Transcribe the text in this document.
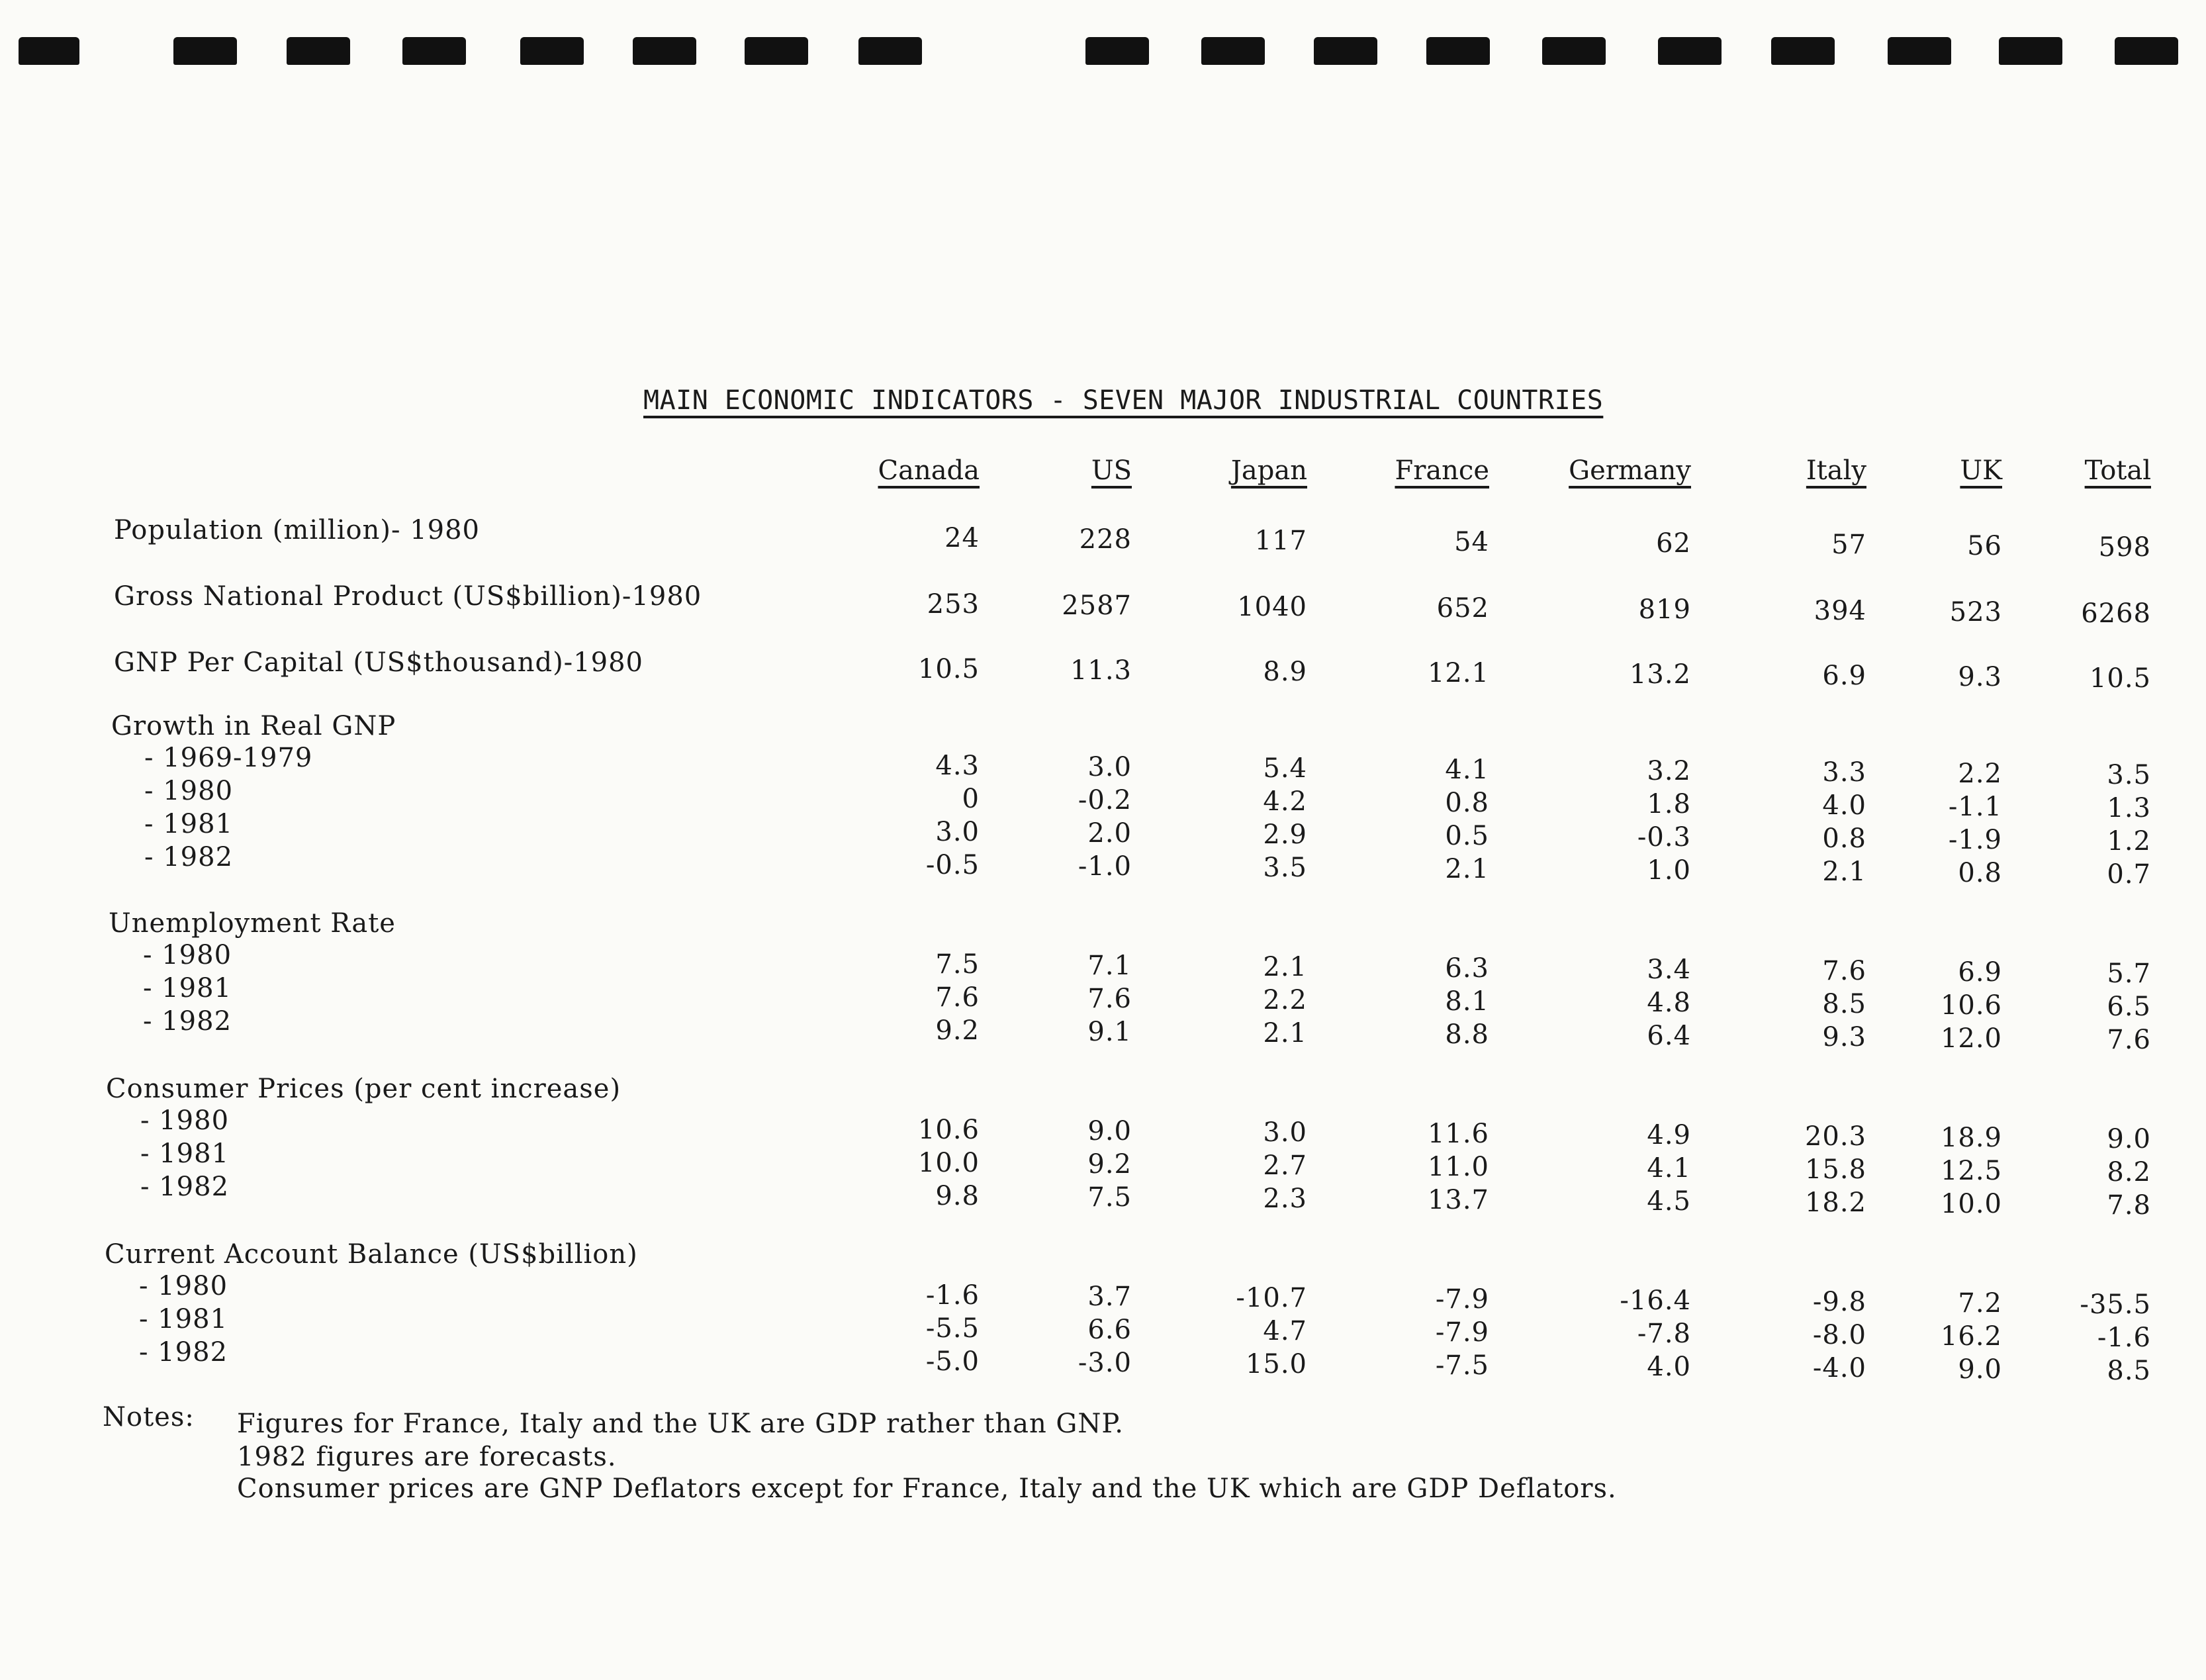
MAIN ECONOMIC INDICATORS - SEVEN MAJOR INDUSTRIAL COUNTRIES
Canada	US	Japan	France	Germany	Italy	UK	Total
Population (million)- 1980	24	228	117	54	62	57	56	598
Gross National Product (US$billion)-1980	253	2587	1040	652	819	394	523	6268
GNP Per Capital (US$thousand)-1980	10.5	11.3	8.9	12.1	13.2	6.9	9.3	10.5
Growth in Real GNP
- 1969-1979	4.3	3.0	5.4	4.1	3.2	3.3	2.2	3.5
- 1980	0	-0.2	4.2	0.8	1.8	4.0	-1.1	1.3
- 1981	3.0	2.0	2.9	0.5	-0.3	0.8	-1.9	1.2
- 1982	-0.5	-1.0	3.5	2.1	1.0	2.1	0.8	0.7
Unemployment Rate
- 1980	7.5	7.1	2.1	6.3	3.4	7.6	6.9	5.7
- 1981	7.6	7.6	2.2	8.1	4.8	8.5	10.6	6.5
- 1982	9.2	9.1	2.1	8.8	6.4	9.3	12.0	7.6
Consumer Prices (per cent increase)
- 1980	10.6	9.0	3.0	11.6	4.9	20.3	18.9	9.0
- 1981	10.0	9.2	2.7	11.0	4.1	15.8	12.5	8.2
- 1982	9.8	7.5	2.3	13.7	4.5	18.2	10.0	7.8
Current Account Balance (US$billion)
- 1980	-1.6	3.7	-10.7	-7.9	-16.4	-9.8	7.2	-35.5
- 1981	-5.5	6.6	4.7	-7.9	-7.8	-8.0	16.2	-1.6
- 1982	-5.0	-3.0	15.0	-7.5	4.0	-4.0	9.0	8.5
Notes: Figures for France, Italy and the UK are GDP rather than GNP.
1982 figures are forecasts.
Consumer prices are GNP Deflators except for France, Italy and the UK which are GDP Deflators.
